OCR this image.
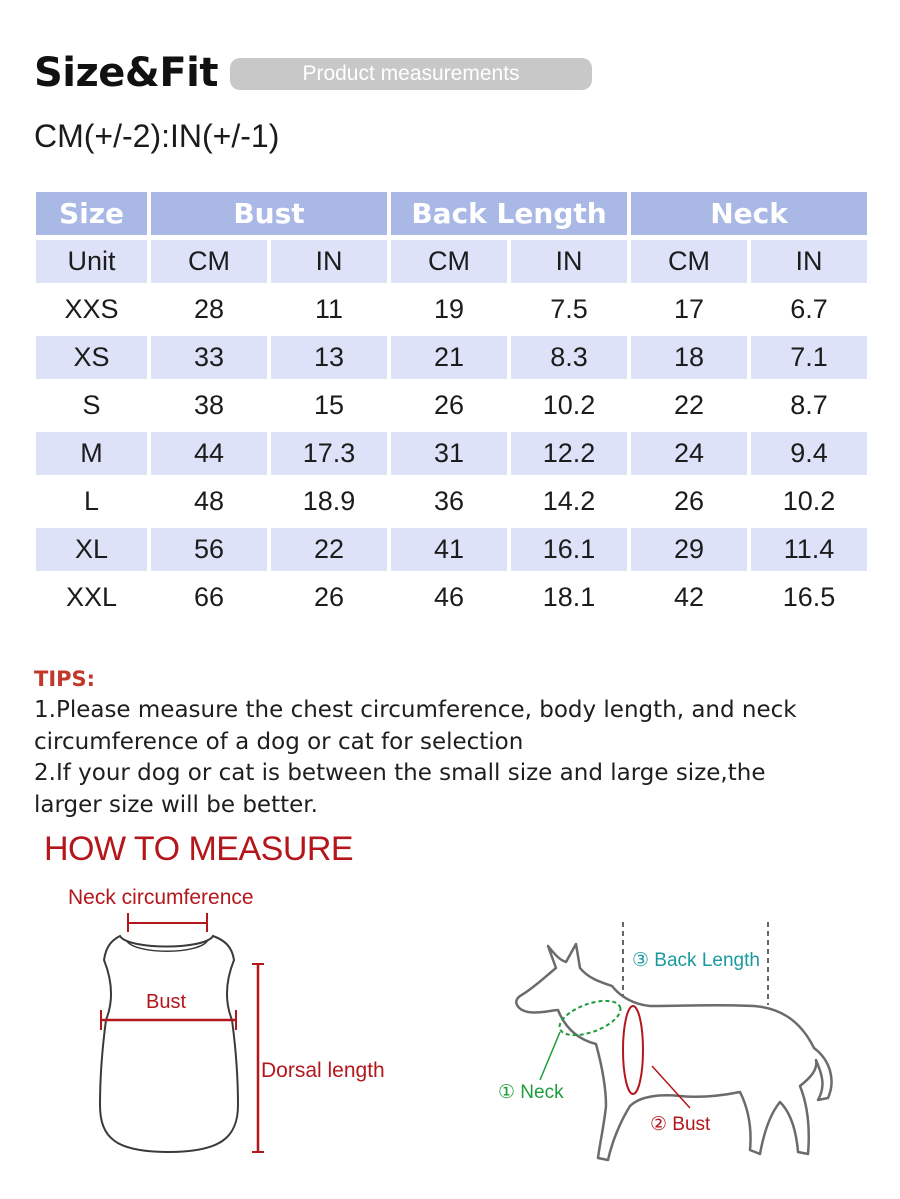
Size&Fit	Product measurements
CM(+/-2):IN(+/-1)
Size	Bust		Back Length		Neck	
Unit	CM	IN	CM	IN	CM	IN
XXS	28	11	19	7.5	17	6.7
XS	33	13	21	8.3	18	7.1
S	38	15	26	10.2	22	8.7
M	44	17.3	31	12.2	24	9.4
L	48	18.9	36	14.2	26	10.2
XL	56	22	41	16.1	29	11.4
XXL	66	26	46	18.1	42	16.5
TIPS:
1.Please measure the chest circumference, body length, and neck
circumference of a dog or cat for selection
2.If your dog or cat is between the small size and large size,the
larger size will be better.
HOW TO MEASURE
Neck circumference
Bust
Dorsal length
③ Back Length
① Neck
② Bust
